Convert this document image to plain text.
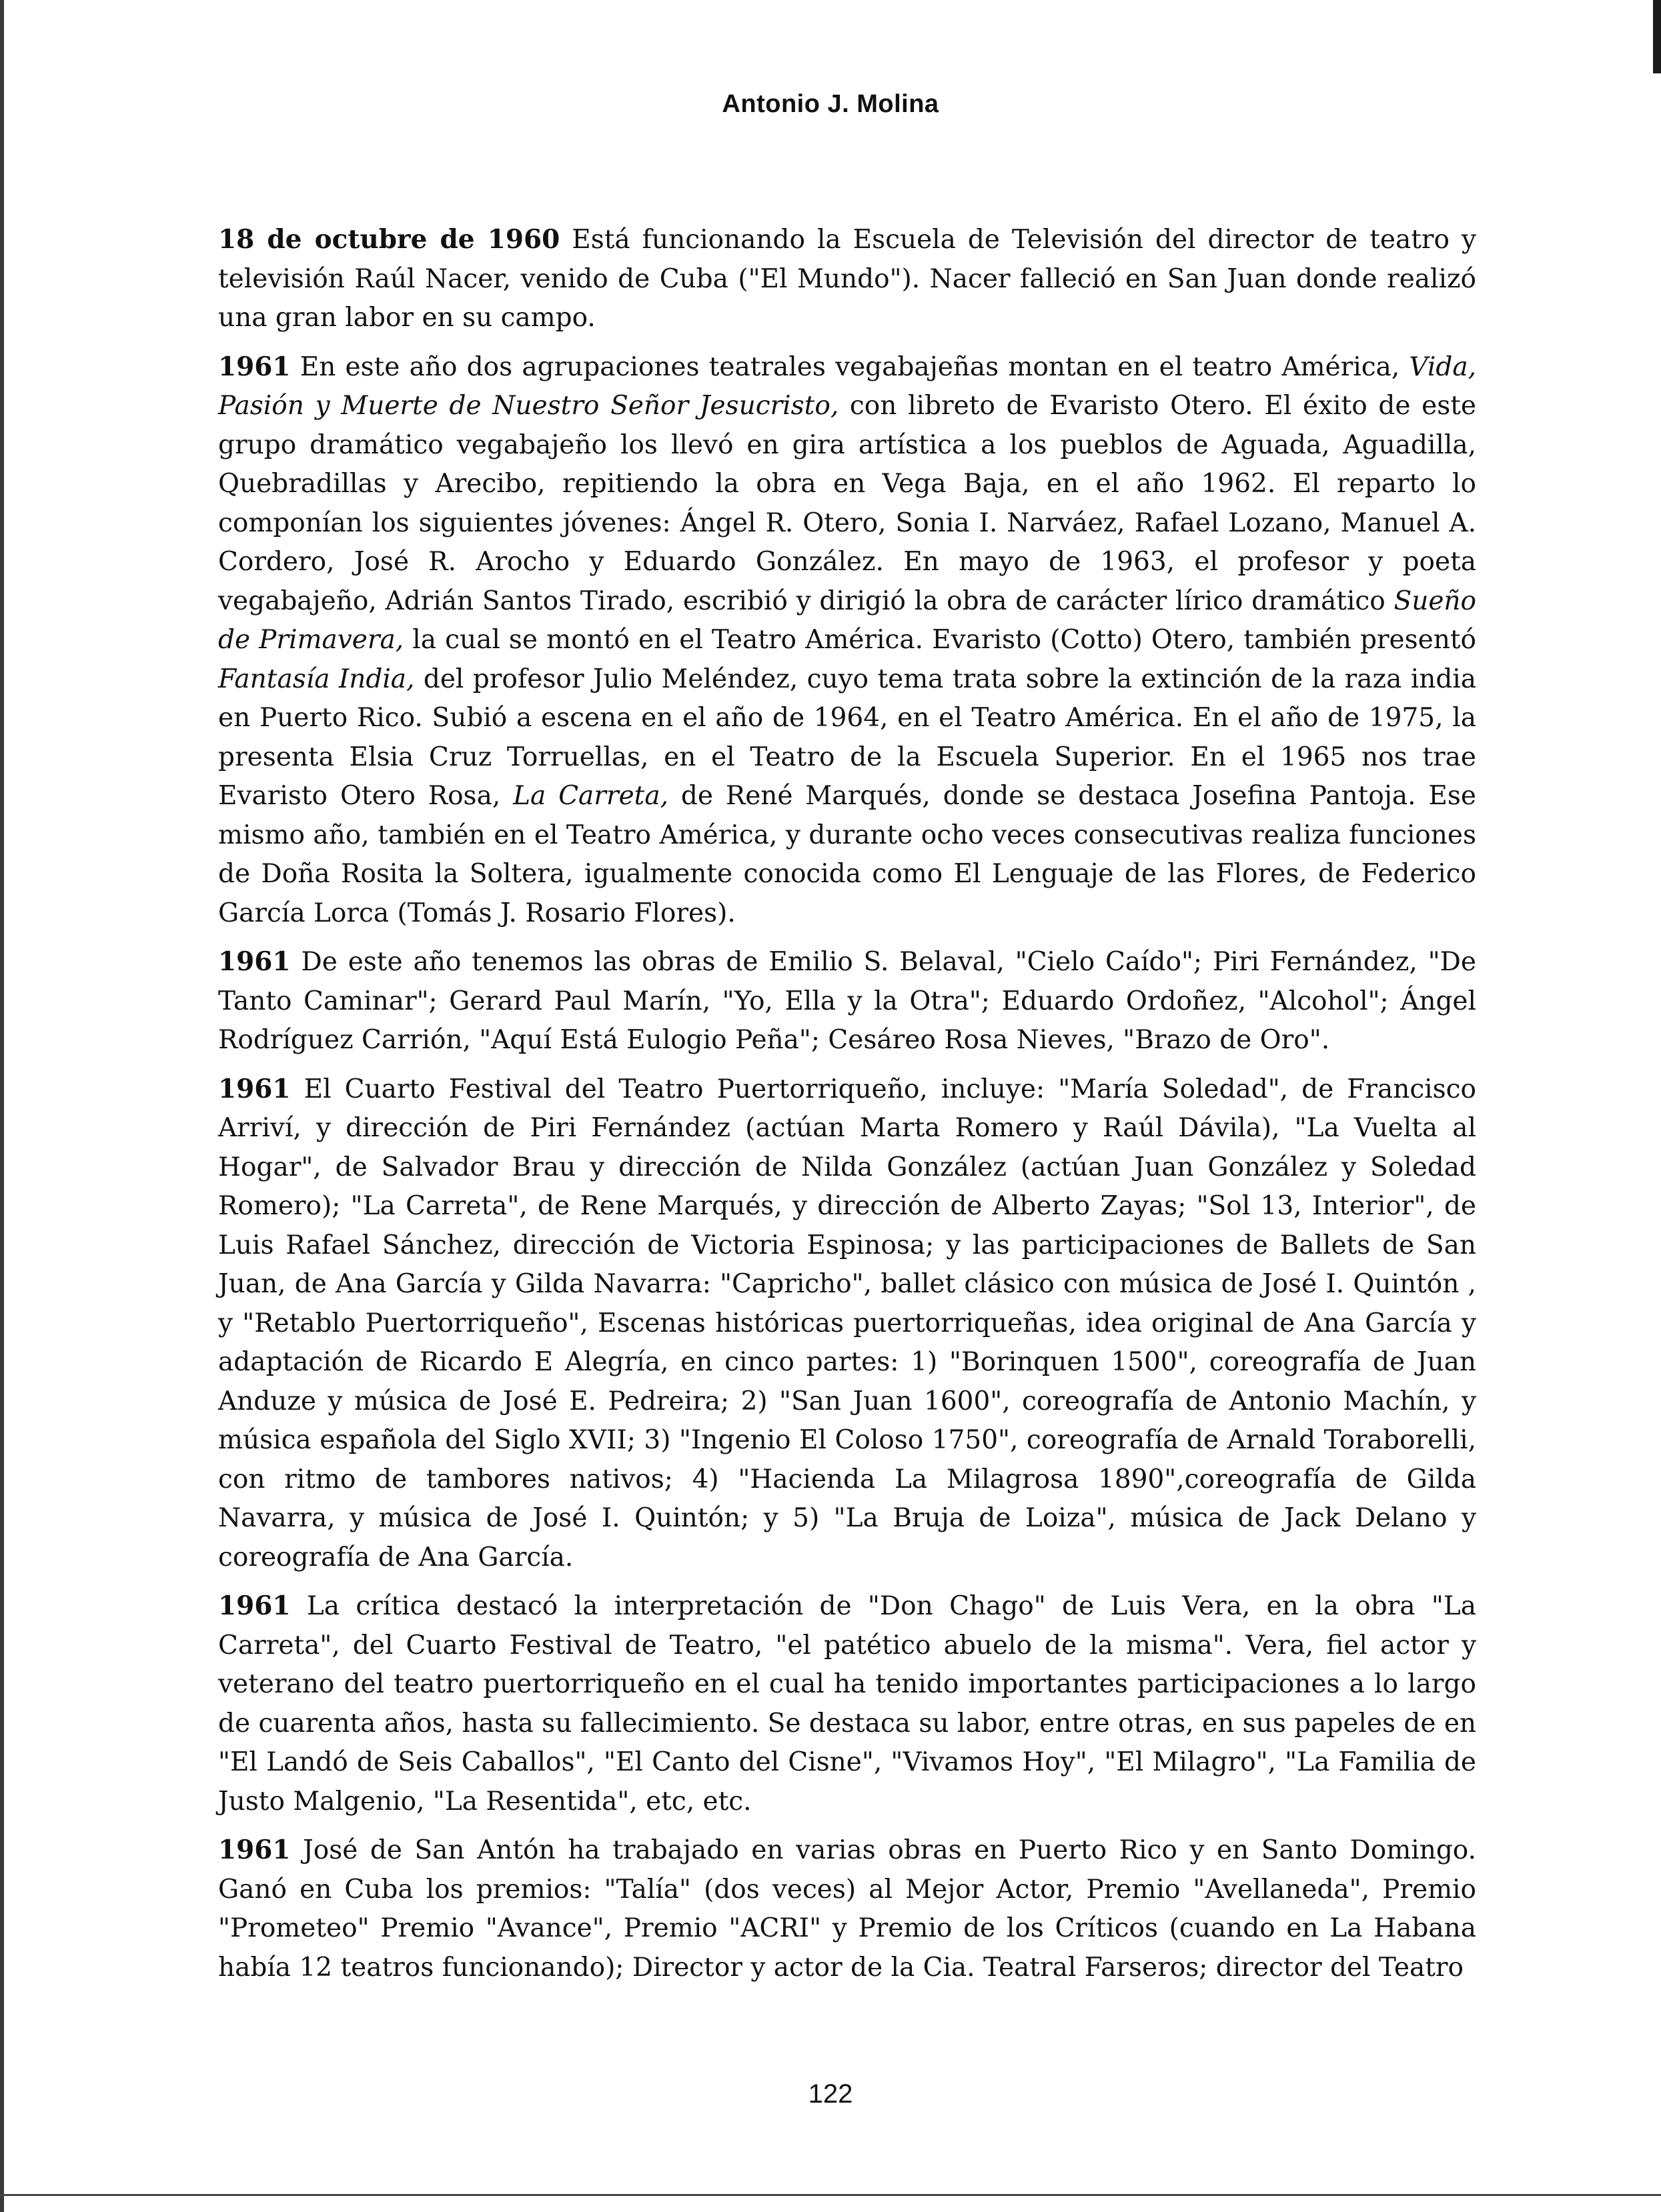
Antonio J. Molina

18 de octubre de 1960 Está funcionando la Escuela de Televisión del director de teatro y televisión Raúl Nacer, venido de Cuba ("El Mundo"). Nacer falleció en San Juan donde realizó una gran labor en su campo.

1961 En este año dos agrupaciones teatrales vegabajeñas montan en el teatro América, Vida, Pasión y Muerte de Nuestro Señor Jesucristo, con libreto de Evaristo Otero. El éxito de este grupo dramático vegabajeño los llevó en gira artística a los pueblos de Aguada, Aguadilla, Quebradillas y Arecibo, repitiendo la obra en Vega Baja, en el año 1962. El reparto lo componían los siguientes jóvenes: Ángel R. Otero, Sonia I. Narváez, Rafael Lozano, Manuel A. Cordero, José R. Arocho y Eduardo González. En mayo de 1963, el profesor y poeta vegabajeño, Adrián Santos Tirado, escribió y dirigió la obra de carácter lírico dramático Sueño de Primavera, la cual se montó en el Teatro América. Evaristo (Cotto) Otero, también presentó Fantasía India, del profesor Julio Meléndez, cuyo tema trata sobre la extinción de la raza india en Puerto Rico. Subió a escena en el año de 1964, en el Teatro América. En el año de 1975, la presenta Elsia Cruz Torruellas, en el Teatro de la Escuela Superior. En el 1965 nos trae Evaristo Otero Rosa, La Carreta, de René Marqués, donde se destaca Josefina Pantoja. Ese mismo año, también en el Teatro América, y durante ocho veces consecutivas realiza funciones de Doña Rosita la Soltera, igualmente conocida como El Lenguaje de las Flores, de Federico García Lorca (Tomás J. Rosario Flores).

1961 De este año tenemos las obras de Emilio S. Belaval, "Cielo Caído"; Piri Fernández, "De Tanto Caminar"; Gerard Paul Marín, "Yo, Ella y la Otra"; Eduardo Ordoñez, "Alcohol"; Ángel Rodríguez Carrión, "Aquí Está Eulogio Peña"; Cesáreo Rosa Nieves, "Brazo de Oro".

1961 El Cuarto Festival del Teatro Puertorriqueño, incluye: "María Soledad", de Francisco Arriví, y dirección de Piri Fernández (actúan Marta Romero y Raúl Dávila), "La Vuelta al Hogar", de Salvador Brau y dirección de Nilda González (actúan Juan González y Soledad Romero); "La Carreta", de Rene Marqués, y dirección de Alberto Zayas; "Sol 13, Interior", de Luis Rafael Sánchez, dirección de Victoria Espinosa; y las participaciones de Ballets de San Juan, de Ana García y Gilda Navarra: "Capricho", ballet clásico con música de José I. Quintón , y "Retablo Puertorriqueño", Escenas históricas puertorriqueñas, idea original de Ana García y adaptación de Ricardo E Alegría, en cinco partes: 1) "Borinquen 1500", coreografía de Juan Anduze y música de José E. Pedreira; 2) "San Juan 1600", coreografía de Antonio Machín, y música española del Siglo XVII; 3) "Ingenio El Coloso 1750", coreografía de Arnald Toraborelli, con ritmo de tambores nativos; 4) "Hacienda La Milagrosa 1890",coreografía de Gilda Navarra, y música de José I. Quintón; y 5) "La Bruja de Loiza", música de Jack Delano y coreografía de Ana García.

1961 La crítica destacó la interpretación de "Don Chago" de Luis Vera, en la obra "La Carreta", del Cuarto Festival de Teatro, "el patético abuelo de la misma". Vera, fiel actor y veterano del teatro puertorriqueño en el cual ha tenido importantes participaciones a lo largo de cuarenta años, hasta su fallecimiento. Se destaca su labor, entre otras, en sus papeles de en "El Landó de Seis Caballos", "El Canto del Cisne", "Vivamos Hoy", "El Milagro", "La Familia de Justo Malgenio, "La Resentida", etc, etc.

1961 José de San Antón ha trabajado en varias obras en Puerto Rico y en Santo Domingo. Ganó en Cuba los premios: "Talía" (dos veces) al Mejor Actor, Premio "Avellaneda", Premio "Prometeo" Premio "Avance", Premio "ACRI" y Premio de los Críticos (cuando en La Habana había 12 teatros funcionando); Director y actor de la Cia. Teatral Farseros; director del Teatro

122
